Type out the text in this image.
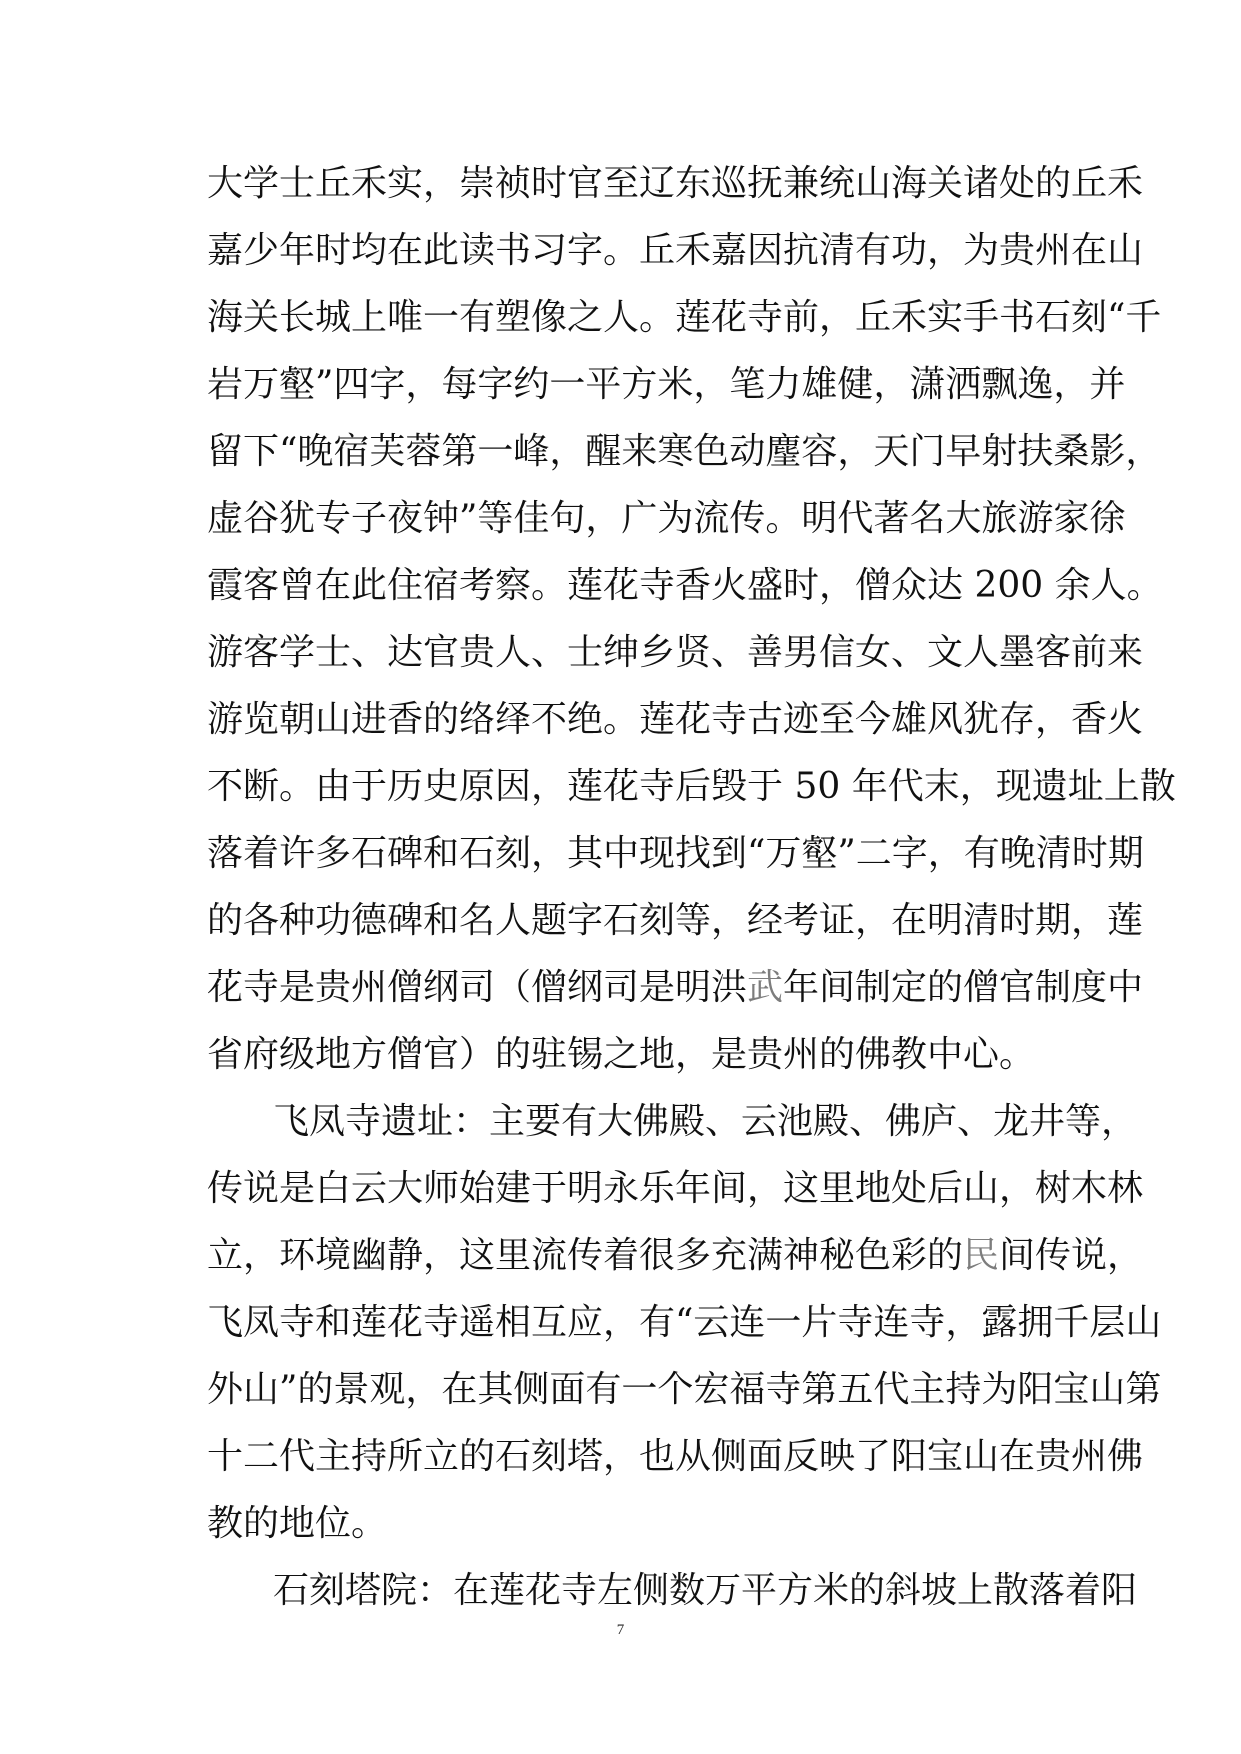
大学士丘禾实，崇祯时官至辽东巡抚兼统山海关诸处的丘禾
嘉少年时均在此读书习字。丘禾嘉因抗清有功，为贵州在山
海关长城上唯一有塑像之人。莲花寺前，丘禾实手书石刻“千
岩万壑”四字，每字约一平方米，笔力雄健，潇洒飘逸，并
留下“晚宿芙蓉第一峰，醒来寒色动麈容，天门早射扶桑影，
虚谷犹专子夜钟”等佳句，广为流传。明代著名大旅游家徐
霞客曾在此住宿考察。莲花寺香火盛时，僧众达 200 余人。
游客学士、达官贵人、士绅乡贤、善男信女、文人墨客前来
游览朝山进香的络绎不绝。莲花寺古迹至今雄风犹存，香火
不断。由于历史原因，莲花寺后毁于 50 年代末，现遗址上散
落着许多石碑和石刻，其中现找到“万壑”二字，有晚清时期
的各种功德碑和名人题字石刻等，经考证，在明清时期，莲
花寺是贵州僧纲司（僧纲司是明洪武年间制定的僧官制度中
省府级地方僧官）的驻锡之地，是贵州的佛教中心。
飞凤寺遗址：主要有大佛殿、云池殿、佛庐、龙井等，
传说是白云大师始建于明永乐年间，这里地处后山，树木林
立，环境幽静，这里流传着很多充满神秘色彩的民间传说，
飞凤寺和莲花寺遥相互应，有“云连一片寺连寺，露拥千层山
外山”的景观，在其侧面有一个宏福寺第五代主持为阳宝山第
十二代主持所立的石刻塔，也从侧面反映了阳宝山在贵州佛
教的地位。
石刻塔院：在莲花寺左侧数万平方米的斜坡上散落着阳
7
